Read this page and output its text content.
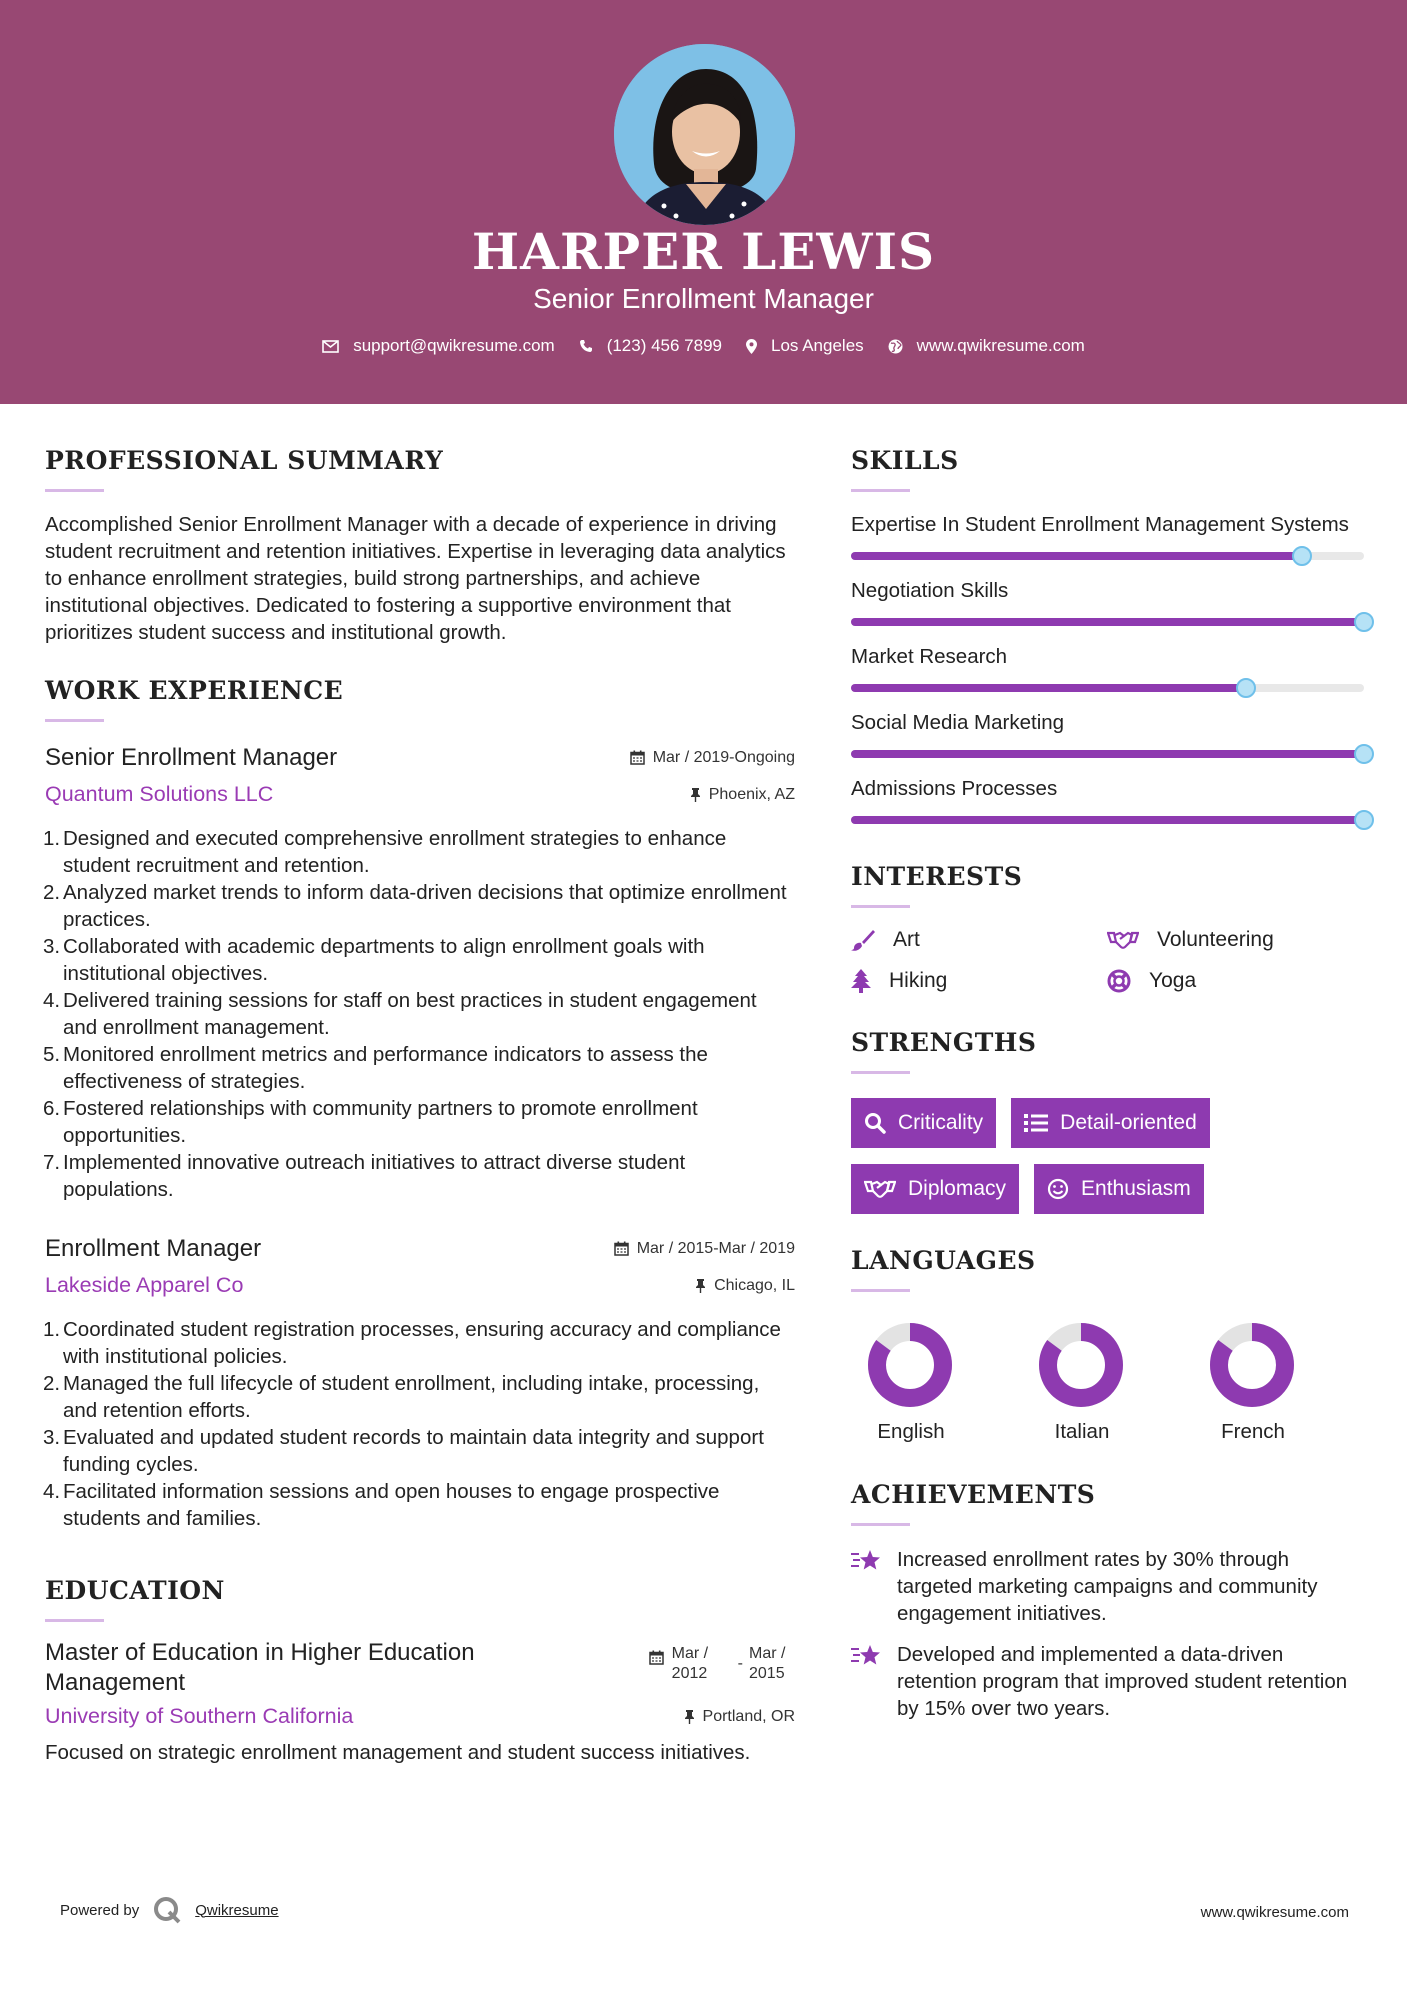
HARPER LEWIS
Senior Enrollment Manager
support@qwikresume.com	(123) 456 7899	Los Angeles	www.qwikresume.com
PROFESSIONAL SUMMARY

Accomplished Senior Enrollment Manager with a decade of experience in driving student recruitment and retention initiatives. Expertise in leveraging data analytics to enhance enrollment strategies, build strong partnerships, and achieve institutional objectives. Dedicated to fostering a supportive environment that prioritizes student success and institutional growth.

WORK EXPERIENCE
Senior Enrollment Manager	Mar / 2019-Ongoing
Quantum Solutions LLC	Phoenix, AZ
1. Designed and executed comprehensive enrollment strategies to enhance student recruitment and retention.
2. Analyzed market trends to inform data-driven decisions that optimize enrollment practices.
3. Collaborated with academic departments to align enrollment goals with institutional objectives.
4. Delivered training sessions for staff on best practices in student engagement and enrollment management.
5. Monitored enrollment metrics and performance indicators to assess the effectiveness of strategies.
6. Fostered relationships with community partners to promote enrollment opportunities.
7. Implemented innovative outreach initiatives to attract diverse student populations.
Enrollment Manager	Mar / 2015-Mar / 2019
Lakeside Apparel Co	Chicago, IL
1. Coordinated student registration processes, ensuring accuracy and compliance with institutional policies.
2. Managed the full lifecycle of student enrollment, including intake, processing, and retention efforts.
3. Evaluated and updated student records to maintain data integrity and support funding cycles.
4. Facilitated information sessions and open houses to engage prospective students and families.
EDUCATION
Master of Education in Higher Education Management
Mar / 2012
-
Mar / 2015
University of Southern California	Portland, OR

Focused on strategic enrollment management and student success initiatives.

SKILLS
Expertise In Student Enrollment Management Systems
Negotiation Skills
Market Research
Social Media Marketing
Admissions Processes
INTERESTS
Art	Volunteering
Hiking	Yoga
STRENGTHS
Criticality	Detail-oriented
Diplomacy	Enthusiasm
LANGUAGES
English	Italian	French
ACHIEVEMENTS
Increased enrollment rates by 30% through targeted marketing campaigns and community engagement initiatives.
Developed and implemented a data-driven retention program that improved student retention by 15% over two years.
Powered by	Qwikresume	www.qwikresume.com
